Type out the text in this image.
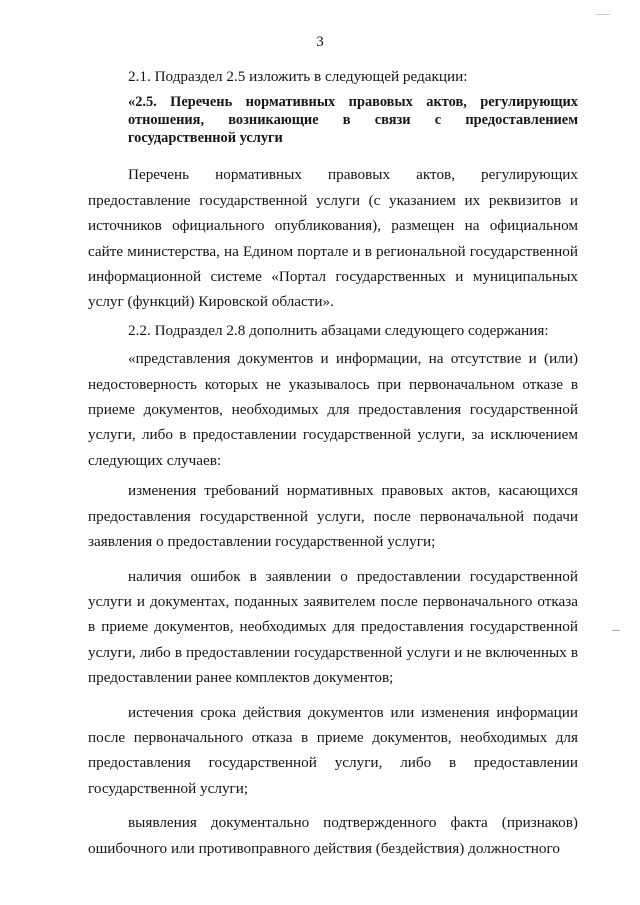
3

2.1. Подраздел 2.5 изложить в следующей редакции:

«2.5. Перечень нормативных правовых актов, регулирующих отношения, возникающие в связи с предоставлением государственной услуги

Перечень нормативных правовых актов, регулирующих предоставление государственной услуги (с указанием их реквизитов и источников официального опубликования), размещен на официальном сайте министерства, на Едином портале и в региональной государственной информационной системе «Портал государственных и муниципальных услуг (функций) Кировской области».

2.2. Подраздел 2.8 дополнить абзацами следующего содержания:

«представления документов и информации, на отсутствие и (или) недостоверность которых не указывалось при первоначальном отказе в приеме документов, необходимых для предоставления государственной услуги, либо в предоставлении государственной услуги, за исключением следующих случаев:

изменения требований нормативных правовых актов, касающихся предоставления государственной услуги, после первоначальной подачи заявления о предоставлении государственной услуги;

наличия ошибок в заявлении о предоставлении государственной услуги и документах, поданных заявителем после первоначального отказа в приеме документов, необходимых для предоставления государственной услуги, либо в предоставлении государственной услуги и не включенных в предоставлении ранее комплектов документов;

истечения срока действия документов или изменения информации после первоначального отказа в приеме документов, необходимых для предоставления государственной услуги, либо в предоставлении государственной услуги;

выявления документально подтвержденного факта (признаков) ошибочного или противоправного действия (бездействия) должностного
